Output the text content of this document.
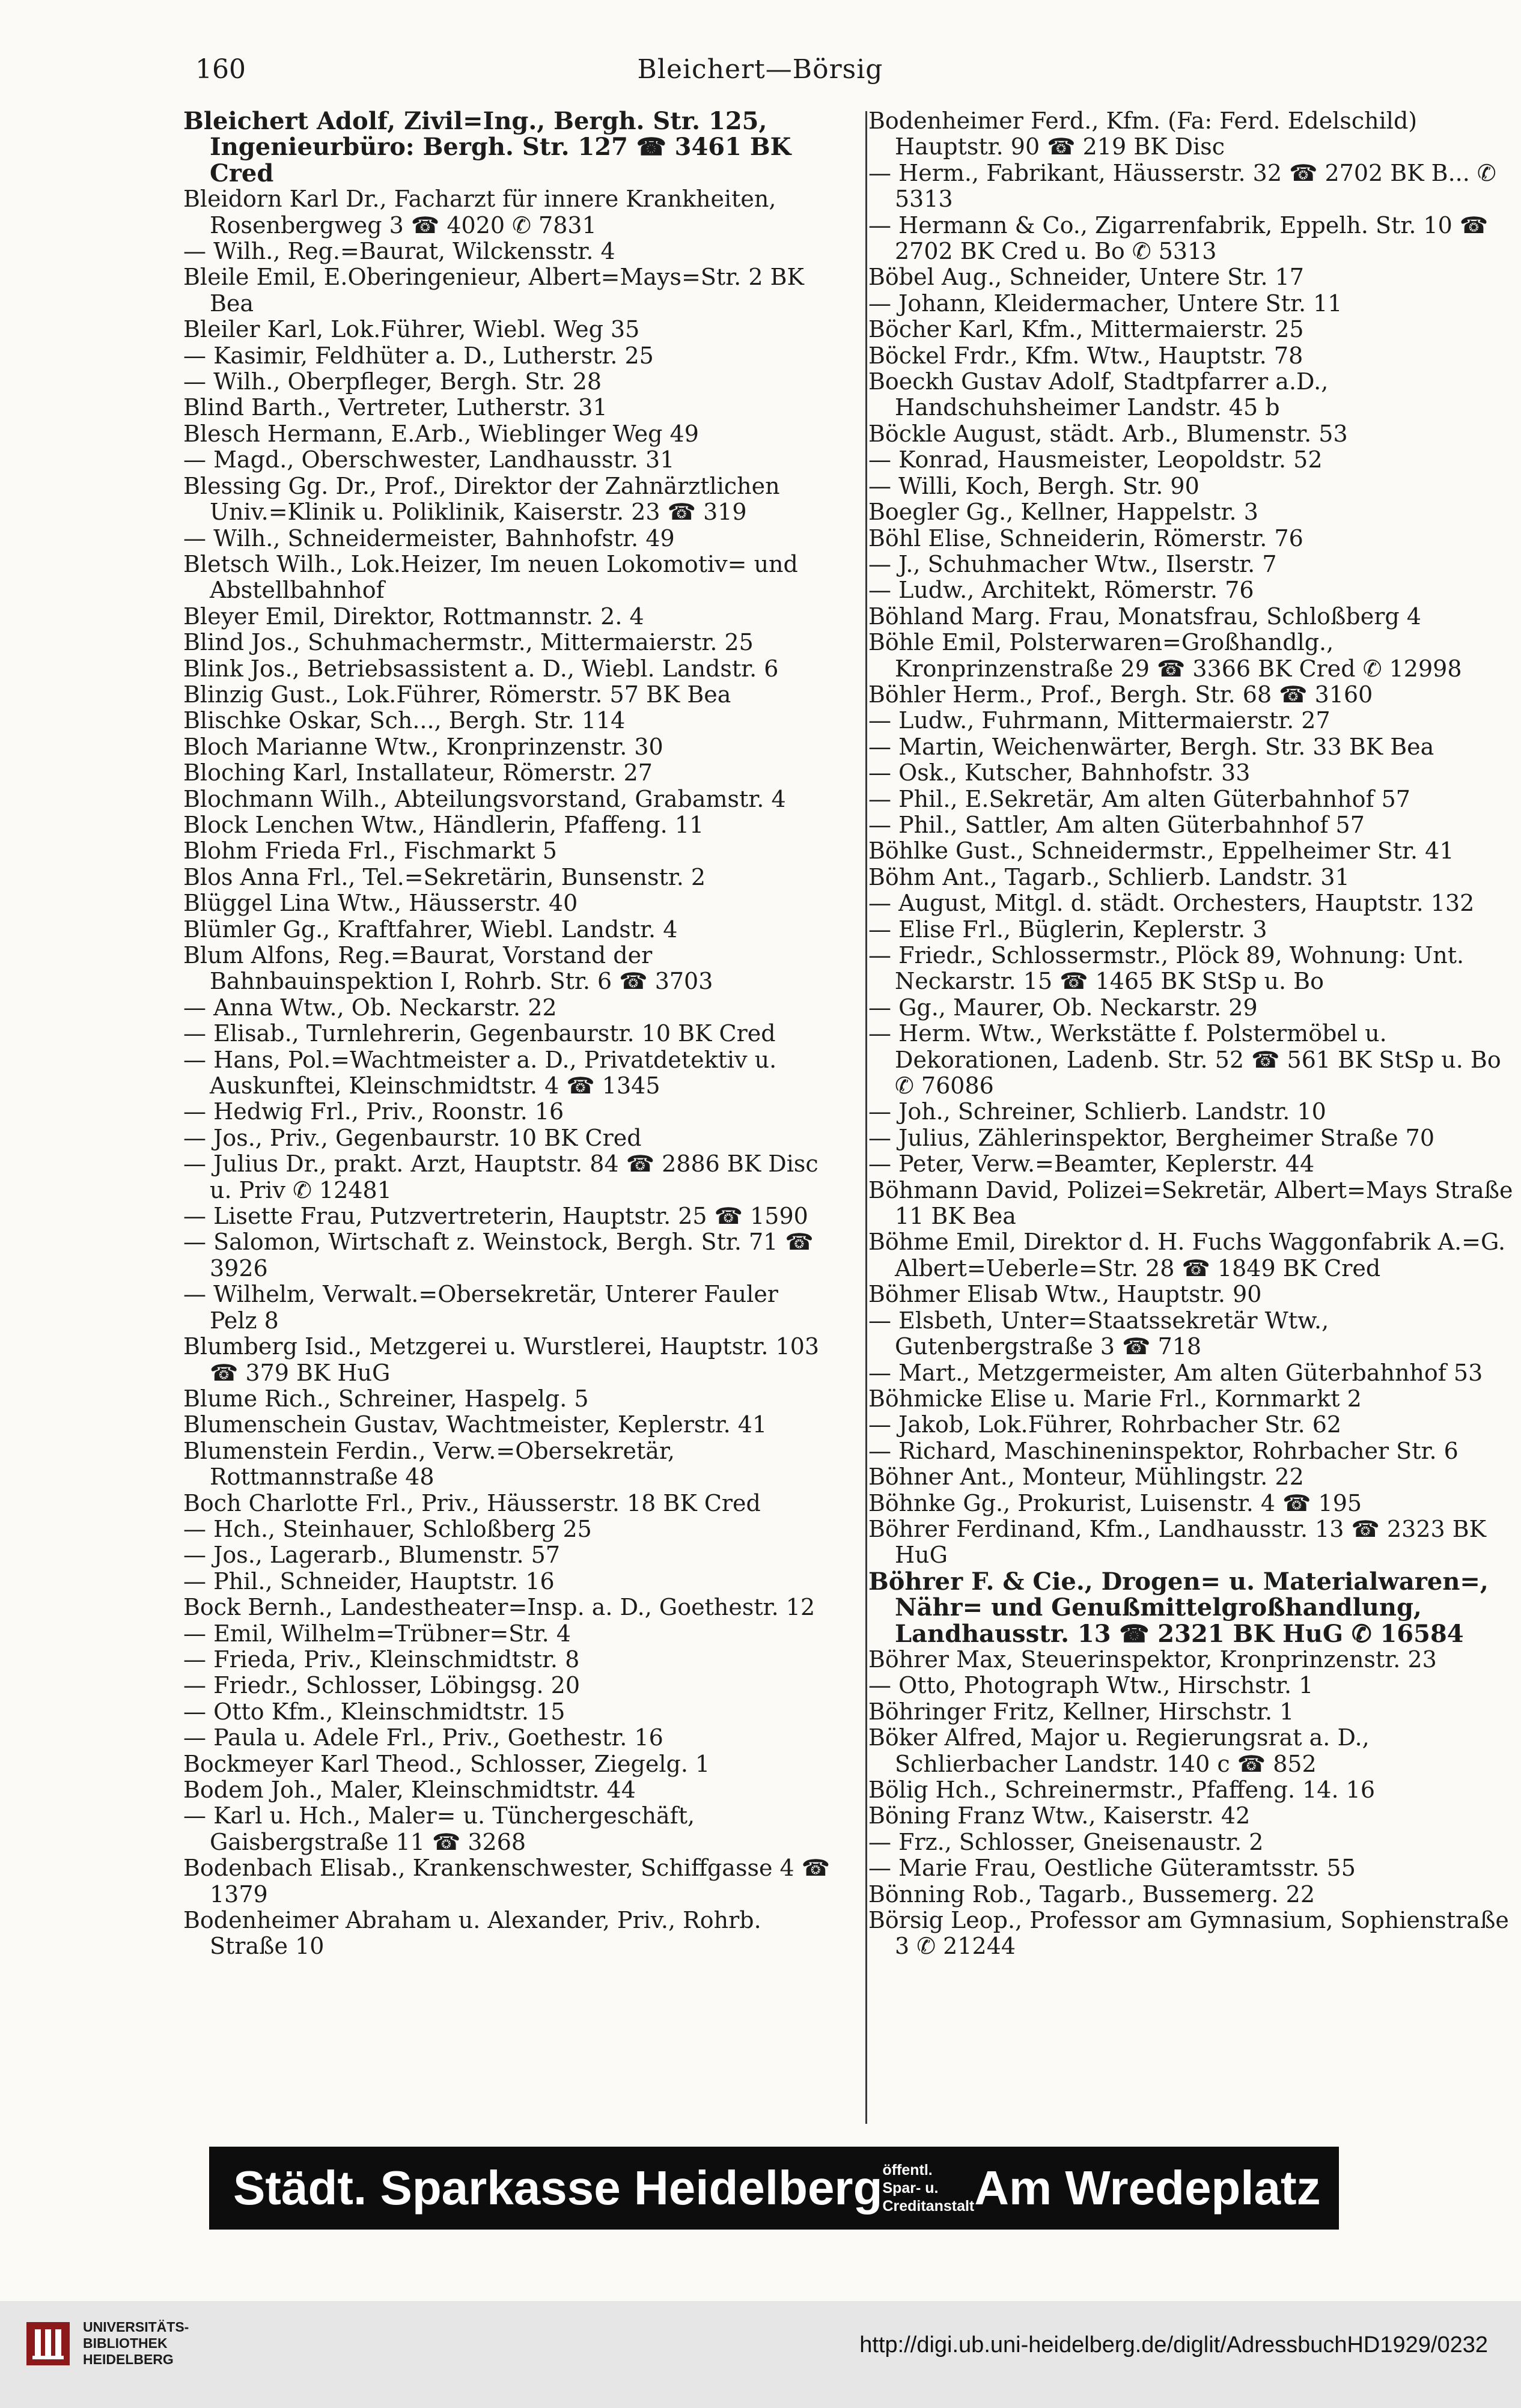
160	Bleichert—Börsig
Bleichert Adolf, Zivil=Ing., Bergh. Str. 125, Ingenieurbüro: Bergh. Str. 127 ☎ 3461 BK Cred
Bleidorn Karl Dr., Facharzt für innere Krankheiten, Rosenbergweg 3 ☎ 4020 ✆ 7831
— Wilh., Reg.=Baurat, Wilckensstr. 4
Bleile Emil, E.Oberingenieur, Albert=Mays=Str. 2 BK Bea
Bleiler Karl, Lok.Führer, Wiebl. Weg 35
— Kasimir, Feldhüter a. D., Lutherstr. 25
— Wilh., Oberpfleger, Bergh. Str. 28
Blind Barth., Vertreter, Lutherstr. 31
Blesch Hermann, E.Arb., Wieblinger Weg 49
— Magd., Oberschwester, Landhausstr. 31
Blessing Gg. Dr., Prof., Direktor der Zahnärztlichen Univ.=Klinik u. Poliklinik, Kaiserstr. 23 ☎ 319
— Wilh., Schneidermeister, Bahnhofstr. 49
Bletsch Wilh., Lok.Heizer, Im neuen Lokomotiv= und Abstellbahnhof
Bleyer Emil, Direktor, Rottmannstr. 2. 4
Blind Jos., Schuhmachermstr., Mittermaierstr. 25
Blink Jos., Betriebsassistent a. D., Wiebl. Landstr. 6
Blinzig Gust., Lok.Führer, Römerstr. 57 BK Bea
Blischke Oskar, Sch..., Bergh. Str. 114
Bloch Marianne Wtw., Kronprinzenstr. 30
Bloching Karl, Installateur, Römerstr. 27
Blochmann Wilh., Abteilungsvorstand, Grabamstr. 4
Block Lenchen Wtw., Händlerin, Pfaffeng. 11
Blohm Frieda Frl., Fischmarkt 5
Blos Anna Frl., Tel.=Sekretärin, Bunsenstr. 2
Blüggel Lina Wtw., Häusserstr. 40
Blümler Gg., Kraftfahrer, Wiebl. Landstr. 4
Blum Alfons, Reg.=Baurat, Vorstand der Bahnbauinspektion I, Rohrb. Str. 6 ☎ 3703
— Anna Wtw., Ob. Neckarstr. 22
— Elisab., Turnlehrerin, Gegenbaurstr. 10 BK Cred
— Hans, Pol.=Wachtmeister a. D., Privatdetektiv u. Auskunftei, Kleinschmidtstr. 4 ☎ 1345
— Hedwig Frl., Priv., Roonstr. 16
— Jos., Priv., Gegenbaurstr. 10 BK Cred
— Julius Dr., prakt. Arzt, Hauptstr. 84 ☎ 2886 BK Disc u. Priv ✆ 12481
— Lisette Frau, Putzvertreterin, Hauptstr. 25 ☎ 1590
— Salomon, Wirtschaft z. Weinstock, Bergh. Str. 71 ☎ 3926
— Wilhelm, Verwalt.=Obersekretär, Unterer Fauler Pelz 8
Blumberg Isid., Metzgerei u. Wurstlerei, Hauptstr. 103 ☎ 379 BK HuG
Blume Rich., Schreiner, Haspelg. 5
Blumenschein Gustav, Wachtmeister, Keplerstr. 41
Blumenstein Ferdin., Verw.=Obersekretär, Rottmannstraße 48
Boch Charlotte Frl., Priv., Häusserstr. 18 BK Cred
— Hch., Steinhauer, Schloßberg 25
— Jos., Lagerarb., Blumenstr. 57
— Phil., Schneider, Hauptstr. 16
Bock Bernh., Landestheater=Insp. a. D., Goethestr. 12
— Emil, Wilhelm=Trübner=Str. 4
— Frieda, Priv., Kleinschmidtstr. 8
— Friedr., Schlosser, Löbingsg. 20
— Otto Kfm., Kleinschmidtstr. 15
— Paula u. Adele Frl., Priv., Goethestr. 16
Bockmeyer Karl Theod., Schlosser, Ziegelg. 1
Bodem Joh., Maler, Kleinschmidtstr. 44
— Karl u. Hch., Maler= u. Tünchergeschäft, Gaisbergstraße 11 ☎ 3268
Bodenbach Elisab., Krankenschwester, Schiffgasse 4 ☎ 1379
Bodenheimer Abraham u. Alexander, Priv., Rohrb. Straße 10
Bodenheimer Ferd., Kfm. (Fa: Ferd. Edelschild) Hauptstr. 90 ☎ 219 BK Disc
— Herm., Fabrikant, Häusserstr. 32 ☎ 2702 BK B... ✆ 5313
— Hermann & Co., Zigarrenfabrik, Eppelh. Str. 10 ☎ 2702 BK Cred u. Bo ✆ 5313
Böbel Aug., Schneider, Untere Str. 17
— Johann, Kleidermacher, Untere Str. 11
Böcher Karl, Kfm., Mittermaierstr. 25
Böckel Frdr., Kfm. Wtw., Hauptstr. 78
Boeckh Gustav Adolf, Stadtpfarrer a.D., Handschuhsheimer Landstr. 45 b
Böckle August, städt. Arb., Blumenstr. 53
— Konrad, Hausmeister, Leopoldstr. 52
— Willi, Koch, Bergh. Str. 90
Boegler Gg., Kellner, Happelstr. 3
Böhl Elise, Schneiderin, Römerstr. 76
— J., Schuhmacher Wtw., Ilserstr. 7
— Ludw., Architekt, Römerstr. 76
Böhland Marg. Frau, Monatsfrau, Schloßberg 4
Böhle Emil, Polsterwaren=Großhandlg., Kronprinzenstraße 29 ☎ 3366 BK Cred ✆ 12998
Böhler Herm., Prof., Bergh. Str. 68 ☎ 3160
— Ludw., Fuhrmann, Mittermaierstr. 27
— Martin, Weichenwärter, Bergh. Str. 33 BK Bea
— Osk., Kutscher, Bahnhofstr. 33
— Phil., E.Sekretär, Am alten Güterbahnhof 57
— Phil., Sattler, Am alten Güterbahnhof 57
Böhlke Gust., Schneidermstr., Eppelheimer Str. 41
Böhm Ant., Tagarb., Schlierb. Landstr. 31
— August, Mitgl. d. städt. Orchesters, Hauptstr. 132
— Elise Frl., Büglerin, Keplerstr. 3
— Friedr., Schlossermstr., Plöck 89, Wohnung: Unt. Neckarstr. 15 ☎ 1465 BK StSp u. Bo
— Gg., Maurer, Ob. Neckarstr. 29
— Herm. Wtw., Werkstätte f. Polstermöbel u. Dekorationen, Ladenb. Str. 52 ☎ 561 BK StSp u. Bo ✆ 76086
— Joh., Schreiner, Schlierb. Landstr. 10
— Julius, Zählerinspektor, Bergheimer Straße 70
— Peter, Verw.=Beamter, Keplerstr. 44
Böhmann David, Polizei=Sekretär, Albert=Mays Straße 11 BK Bea
Böhme Emil, Direktor d. H. Fuchs Waggonfabrik A.=G. Albert=Ueberle=Str. 28 ☎ 1849 BK Cred
Böhmer Elisab Wtw., Hauptstr. 90
— Elsbeth, Unter=Staatssekretär Wtw., Gutenbergstraße 3 ☎ 718
— Mart., Metzgermeister, Am alten Güterbahnhof 53
Böhmicke Elise u. Marie Frl., Kornmarkt 2
— Jakob, Lok.Führer, Rohrbacher Str. 62
— Richard, Maschineninspektor, Rohrbacher Str. 6
Böhner Ant., Monteur, Mühlingstr. 22
Böhnke Gg., Prokurist, Luisenstr. 4 ☎ 195
Böhrer Ferdinand, Kfm., Landhausstr. 13 ☎ 2323 BK HuG
Böhrer F. & Cie., Drogen= u. Materialwaren=, Nähr= und Genußmittelgroßhandlung, Landhausstr. 13 ☎ 2321 BK HuG ✆ 16584
Böhrer Max, Steuerinspektor, Kronprinzenstr. 23
— Otto, Photograph Wtw., Hirschstr. 1
Böhringer Fritz, Kellner, Hirschstr. 1
Böker Alfred, Major u. Regierungsrat a. D., Schlierbacher Landstr. 140 c ☎ 852
Bölig Hch., Schreinermstr., Pfaffeng. 14. 16
Böning Franz Wtw., Kaiserstr. 42
— Frz., Schlosser, Gneisenaustr. 2
— Marie Frau, Oestliche Güteramtsstr. 55
Bönning Rob., Tagarb., Bussemerg. 22
Börsig Leop., Professor am Gymnasium, Sophienstraße 3 ✆ 21244
Städt. Sparkasse Heidelberg öffentl. Spar- u.
Creditanstalt Am Wredeplatz
UNIVERSITÄTS-
BIBLIOTHEK
HEIDELBERG
http://digi.ub.uni-heidelberg.de/diglit/AdressbuchHD1929/0232
